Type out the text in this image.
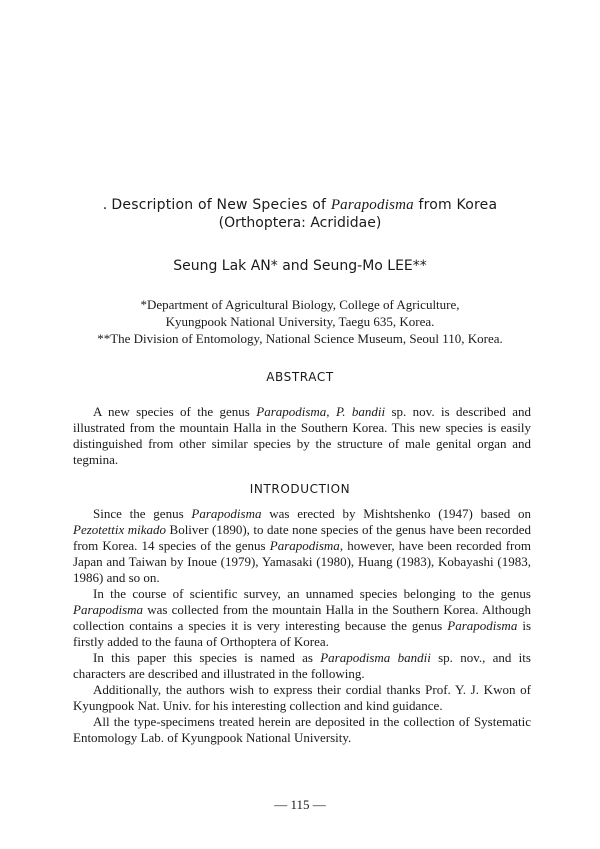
. Description of New Species of Parapodisma from Korea
(Orthoptera: Acrididae)
Seung Lak AN* and Seung-Mo LEE**
*Department of Agricultural Biology, College of Agriculture,
Kyungpook National University, Taegu 635, Korea.
**The Division of Entomology, National Science Museum, Seoul 110, Korea.
ABSTRACT

A new species of the genus Parapodisma, P. bandii sp. nov. is described and illustrated from the mountain Halla in the Southern Korea. This new species is easily distinguished from other similar species by the structure of male genital organ and tegmina.

INTRODUCTION

Since the genus Parapodisma was erected by Mishtshenko (1947) based on Pezotettix mikado Boliver (1890), to date none species of the genus have been recorded from Korea. 14 species of the genus Parapodisma, however, have been recorded from Japan and Taiwan by Inoue (1979), Yamasaki (1980), Huang (1983), Kobayashi (1983, 1986) and so on.

In the course of scientific survey, an unnamed species belonging to the genus Parapodisma was collected from the mountain Halla in the Southern Korea. Although collection contains a species it is very interesting because the genus Parapodisma is firstly added to the fauna of Orthoptera of Korea.

In this paper this species is named as Parapodisma bandii sp. nov., and its characters are described and illustrated in the following.

Additionally, the authors wish to express their cordial thanks Prof. Y. J. Kwon of Kyungpook Nat. Univ. for his interesting collection and kind guidance.

All the type-specimens treated herein are deposited in the collection of Systematic Entomology Lab. of Kyungpook National University.

— 115 —
